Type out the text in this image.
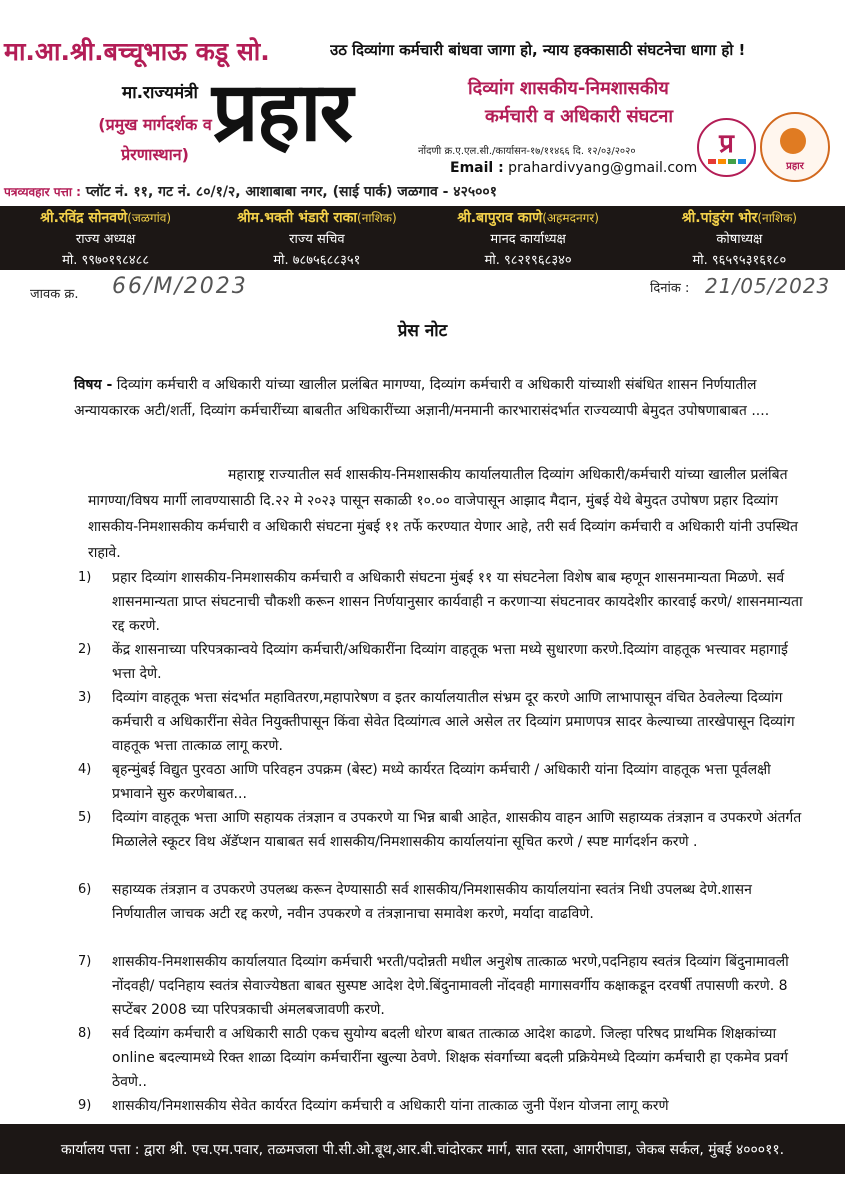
मा.आ.श्री.बच्चूभाऊ कडू सो.
मा.राज्यमंत्री
(प्रमुख मार्गदर्शक व
प्रेरणास्थान)
उठ दिव्यांगा कर्मचारी बांधवा जागा हो, न्याय हक्कासाठी संघटनेचा धागा हो !
प्रहार	दिव्यांग शासकीय-निमशासकीय
कर्मचारी व अधिकारी संघटना
नोंदणी क्र.ए.एल.सी./कार्यासन-१७/११४६६ दि. १२/०३/२०२०
Email : prahardivyang@gmail.com
प्र
प्रहार
पत्रव्यवहार पत्ता : प्लॉट नं. ११, गट नं. ८०/१/२, आशाबाबा नगर, (साई पार्क) जळगाव - ४२५००१
श्री.रविंद्र सोनवणे(जळगांव)
राज्य अध्यक्ष
मो. ९९७०१९८४८८
श्रीम.भक्ती भंडारी राका(नाशिक)
राज्य सचिव
मो. ७८७५६८८३५१
श्री.बापुराव काणे(अहमदनगर)
मानद कार्याध्यक्ष
मो. ९८२१९६८३४०
श्री.पांडुरंग भोर(नाशिक)
कोषाध्यक्ष
मो. ९६५९५३१६१८०
जावक क्र. 66/M/2023	दिनांक : 21/05/2023
प्रेस नोट
विषय - दिव्यांग कर्मचारी व अधिकारी यांच्या खालील प्रलंबित मागण्या, दिव्यांग कर्मचारी व अधिकारी यांच्याशी संबंधित शासन निर्णयातील अन्यायकारक अटी/शर्ती, दिव्यांग कर्मचारींच्या बाबतीत अधिकारींच्या अज्ञानी/मनमानी कारभारासंदर्भात राज्यव्यापी बेमुदत उपोषणाबाबत ....
महाराष्ट्र राज्यातील सर्व शासकीय-निमशासकीय कार्यालयातील दिव्यांग अधिकारी/कर्मचारी यांच्या खालील प्रलंबित मागण्या/विषय मार्गी लावण्यासाठी दि.२२ मे २०२३ पासून सकाळी १०.०० वाजेपासून आझाद मैदान, मुंबई येथे बेमुदत उपोषण प्रहार दिव्यांग शासकीय-निमशासकीय कर्मचारी व अधिकारी संघटना मुंबई ११ तर्फे करण्यात येणार आहे, तरी सर्व दिव्यांग कर्मचारी व अधिकारी यांनी उपस्थित राहावे.
1)	प्रहार दिव्यांग शासकीय-निमशासकीय कर्मचारी व अधिकारी संघटना मुंबई ११ या संघटनेला विशेष बाब म्हणून शासनमान्यता मिळणे. सर्व शासनमान्यता प्राप्त संघटनाची चौकशी करून शासन निर्णयानुसार कार्यवाही न करणाऱ्या संघटनावर कायदेशीर कारवाई करणे/ शासनमान्यता रद्द करणे.
2)	केंद्र शासनाच्या परिपत्रकान्वये दिव्यांग कर्मचारी/अधिकारींना दिव्यांग वाहतूक भत्ता मध्ये सुधारणा करणे.दिव्यांग वाहतूक भत्त्यावर महागाई भत्ता देणे.
3)	दिव्यांग वाहतूक भत्ता संदर्भात महावितरण,महापारेषण व इतर कार्यालयातील संभ्रम दूर करणे आणि लाभापासून वंचित ठेवलेल्या दिव्यांग कर्मचारी व अधिकारींना सेवेत नियुक्तीपासून किंवा सेवेत दिव्यांगत्व आले असेल तर दिव्यांग प्रमाणपत्र सादर केल्याच्या तारखेपासून दिव्यांग वाहतूक भत्ता तात्काळ लागू करणे.
4)	बृहन्मुंबई विद्युत पुरवठा आणि परिवहन उपक्रम (बेस्ट) मध्ये कार्यरत दिव्यांग कर्मचारी / अधिकारी यांना दिव्यांग वाहतूक भत्ता पूर्वलक्षी प्रभावाने सुरु करणेबाबत...
5)	दिव्यांग वाहतूक भत्ता आणि सहायक तंत्रज्ञान व उपकरणे या भिन्न बाबी आहेत, शासकीय वाहन आणि सहाय्यक तंत्रज्ञान व उपकरणे अंतर्गत मिळालेले स्कूटर विथ ॲडॅप्शन याबाबत सर्व शासकीय/निमशासकीय कार्यालयांना सूचित करणे / स्पष्ट मार्गदर्शन करणे .
6)	सहाय्यक तंत्रज्ञान व उपकरणे उपलब्ध करून देण्यासाठी सर्व शासकीय/निमशासकीय कार्यालयांना स्वतंत्र निधी उपलब्ध देणे.शासन निर्णयातील जाचक अटी रद्द करणे, नवीन उपकरणे व तंत्रज्ञानाचा समावेश करणे, मर्यादा वाढविणे.
7)	शासकीय-निमशासकीय कार्यालयात दिव्यांग कर्मचारी भरती/पदोन्नती मधील अनुशेष तात्काळ भरणे,पदनिहाय स्वतंत्र दिव्यांग बिंदुनामावली नोंदवही/ पदनिहाय स्वतंत्र सेवाज्येष्ठता बाबत सुस्पष्ट आदेश देणे.बिंदुनामावली नोंदवही मागासवर्गीय कक्षाकडून दरवर्षी तपासणी करणे. 8 सप्टेंबर 2008 च्या परिपत्रकाची अंमलबजावणी करणे.
8)	सर्व दिव्यांग कर्मचारी व अधिकारी साठी एकच सुयोग्य बदली धोरण बाबत तात्काळ आदेश काढणे. जिल्हा परिषद प्राथमिक शिक्षकांच्या online बदल्यामध्ये रिक्त शाळा दिव्यांग कर्मचारींना खुल्या ठेवणे. शिक्षक संवर्गाच्या बदली प्रक्रियेमध्ये दिव्यांग कर्मचारी हा एकमेव प्रवर्ग ठेवणे..
9)	शासकीय/निमशासकीय सेवेत कार्यरत दिव्यांग कर्मचारी व अधिकारी यांना तात्काळ जुनी पेंशन योजना लागू करणे
कार्यालय पत्ता : द्वारा श्री. एच.एम.पवार, तळमजला पी.सी.ओ.बूथ,आर.बी.चांदोरकर मार्ग, सात रस्ता, आगरीपाडा, जेकब सर्कल, मुंबई ४०००११.
